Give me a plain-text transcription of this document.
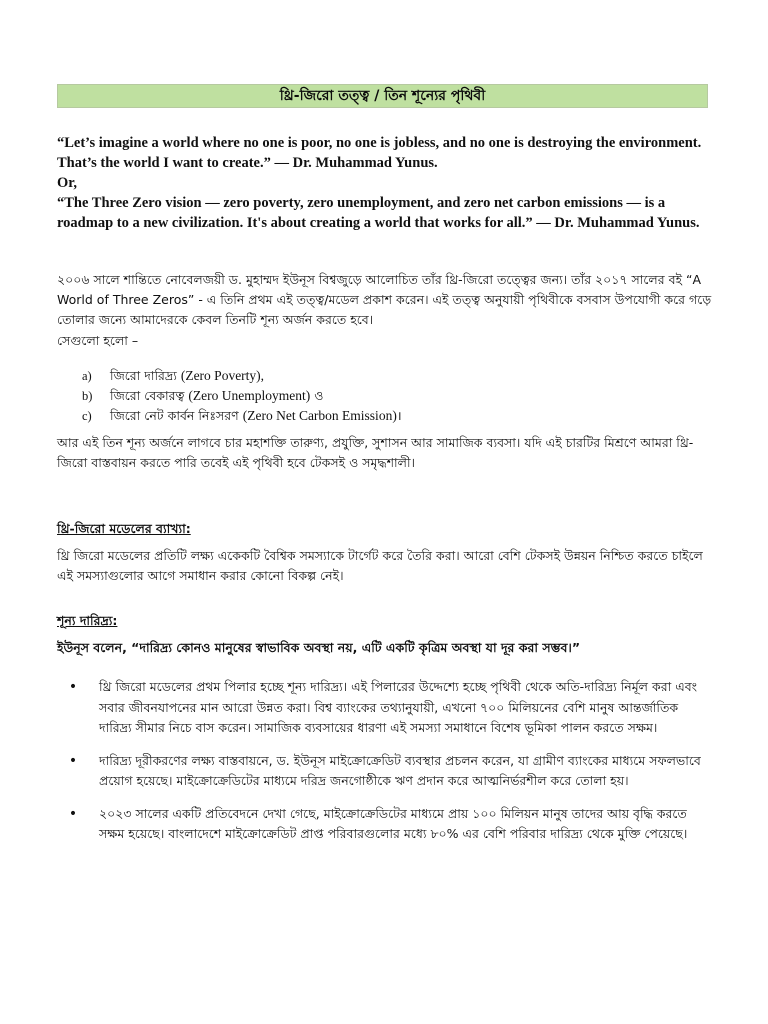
থ্রি-জিরো তত্ত্ব / তিন শূন্যের পৃথিবী
“Let’s imagine a world where no one is poor, no one is jobless, and no one is destroying the environment. That’s the world I want to create.” — Dr. Muhammad Yunus.
Or,
“The Three Zero vision — zero poverty, zero unemployment, and zero net carbon emissions — is a roadmap to a new civilization. It's about creating a world that works for all.” — Dr. Muhammad Yunus.
২০০৬ সালে শান্তিতে নোবেলজয়ী ড. মুহাম্মদ ইউনূস বিশ্বজুড়ে আলোচিত তাঁর থ্রি-জিরো তত্ত্বের জন্য। তাঁর ২০১৭ সালের বই “A World of Three Zeros” - এ তিনি প্রথম এই তত্ত্ব/মডেল প্রকাশ করেন। এই তত্ত্ব অনুযায়ী পৃথিবীকে বসবাস উপযোগী করে গড়ে তোলার জন্যে আমাদেরকে কেবল তিনটি শূন্য অর্জন করতে হবে।
সেগুলো হলো –
a)	জিরো দারিদ্র্য (Zero Poverty),
b)	জিরো বেকারত্ব (Zero Unemployment) ও
c)	জিরো নেট কার্বন নিঃসরণ (Zero Net Carbon Emission)।
আর এই তিন শূন্য অর্জনে লাগবে চার মহাশক্তি তারুণ্য, প্রযুক্তি, সুশাসন আর সামাজিক ব্যবসা। যদি এই চারটির মিশ্রণে আমরা থ্রি-জিরো বাস্তবায়ন করতে পারি তবেই এই পৃথিবী হবে টেকসই ও সমৃদ্ধশালী।
থ্রি-জিরো মডেলের ব্যাখ্যা:
থ্রি জিরো মডেলের প্রতিটি লক্ষ্য একেকটি বৈশ্বিক সমস্যাকে টার্গেট করে তৈরি করা। আরো বেশি টেকসই উন্নয়ন নিশ্চিত করতে চাইলে এই সমস্যাগুলোর আগে সমাধান করার কোনো বিকল্প নেই।
শূন্য দারিদ্র্য:
ইউনূস বলেন, “দারিদ্র্য কোনও মানুষের স্বাভাবিক অবস্থা নয়, এটি একটি কৃত্রিম অবস্থা যা দূর করা সম্ভব।”
•	থ্রি জিরো মডেলের প্রথম পিলার হচ্ছে শূন্য দারিদ্র্য। এই পিলারের উদ্দেশ্যে হচ্ছে পৃথিবী থেকে অতি-দারিদ্র্য নির্মূল করা এবং সবার জীবনযাপনের মান আরো উন্নত করা। বিশ্ব ব্যাংকের তথ্যানুযায়ী, এখনো ৭০০ মিলিয়নের বেশি মানুষ আন্তর্জাতিক দারিদ্র্য সীমার নিচে বাস করেন। সামাজিক ব্যবসায়ের ধারণা এই সমস্যা সমাধানে বিশেষ ভূমিকা পালন করতে সক্ষম।
•	দারিদ্র্য দূরীকরণের লক্ষ্য বাস্তবায়নে, ড. ইউনূস মাইক্রোক্রেডিট ব্যবস্থার প্রচলন করেন, যা গ্রামীণ ব্যাংকের মাধ্যমে সফলভাবে প্রয়োগ হয়েছে। মাইক্রোক্রেডিটের মাধ্যমে দরিদ্র জনগোষ্ঠীকে ঋণ প্রদান করে আত্মনির্ভরশীল করে তোলা হয়।
•	২০২৩ সালের একটি প্রতিবেদনে দেখা গেছে, মাইক্রোক্রেডিটের মাধ্যমে প্রায় ১০০ মিলিয়ন মানুষ তাদের আয় বৃদ্ধি করতে সক্ষম হয়েছে। বাংলাদেশে মাইক্রোক্রেডিট প্রাপ্ত পরিবারগুলোর মধ্যে ৮০% এর বেশি পরিবার দারিদ্র্য থেকে মুক্তি পেয়েছে।
